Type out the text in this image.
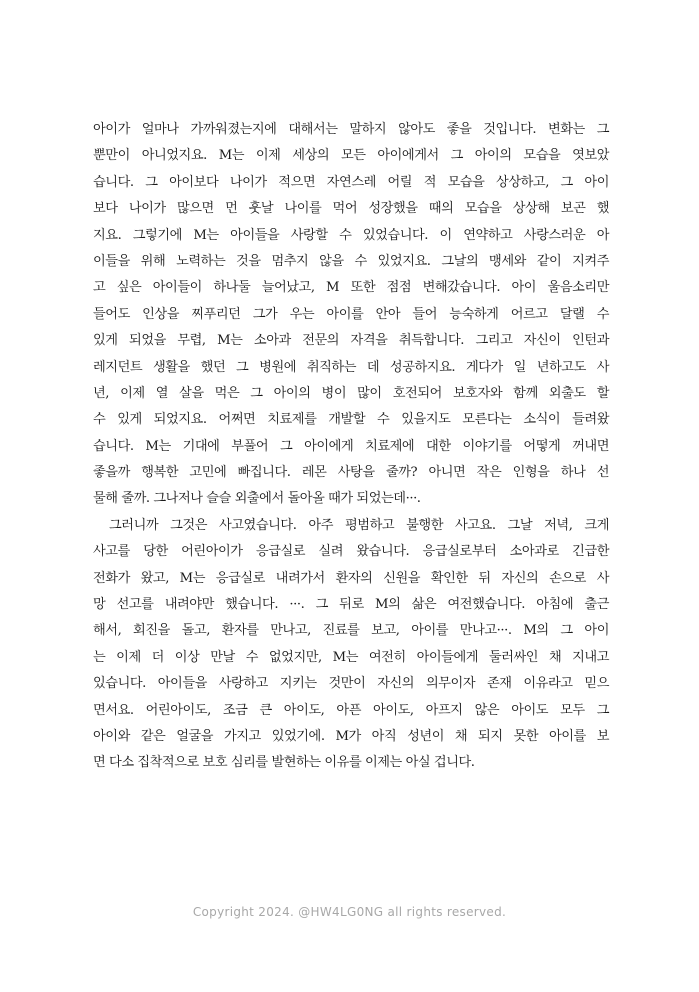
아이가 얼마나 가까워졌는지에 대해서는 말하지 않아도 좋을 것입니다. 변화는 그
뿐만이 아니었지요. M는 이제 세상의 모든 아이에게서 그 아이의 모습을 엿보았
습니다. 그 아이보다 나이가 적으면 자연스레 어릴 적 모습을 상상하고, 그 아이
보다 나이가 많으면 먼 훗날 나이를 먹어 성장했을 때의 모습을 상상해 보곤 했
지요. 그렇기에 M는 아이들을 사랑할 수 있었습니다. 이 연약하고 사랑스러운 아
이들을 위해 노력하는 것을 멈추지 않을 수 있었지요. 그날의 맹세와 같이 지켜주
고 싶은 아이들이 하나둘 늘어났고, M 또한 점점 변해갔습니다. 아이 울음소리만
들어도 인상을 찌푸리던 그가 우는 아이를 안아 들어 능숙하게 어르고 달랠 수
있게 되었을 무렵, M는 소아과 전문의 자격을 취득합니다. 그리고 자신이 인턴과
레지던트 생활을 했던 그 병원에 취직하는 데 성공하지요. 게다가 일 년하고도 사
년, 이제 열 살을 먹은 그 아이의 병이 많이 호전되어 보호자와 함께 외출도 할
수 있게 되었지요. 어쩌면 치료제를 개발할 수 있을지도 모른다는 소식이 들려왔
습니다. M는 기대에 부풀어 그 아이에게 치료제에 대한 이야기를 어떻게 꺼내면
좋을까 행복한 고민에 빠집니다. 레몬 사탕을 줄까? 아니면 작은 인형을 하나 선
물해 줄까. 그나저나 슬슬 외출에서 돌아올 때가 되었는데···.
그러니까 그것은 사고였습니다. 아주 평범하고 불행한 사고요. 그날 저녁, 크게
사고를 당한 어린아이가 응급실로 실려 왔습니다. 응급실로부터 소아과로 긴급한
전화가 왔고, M는 응급실로 내려가서 환자의 신원을 확인한 뒤 자신의 손으로 사
망 선고를 내려야만 했습니다. ···. 그 뒤로 M의 삶은 여전했습니다. 아침에 출근
해서, 회진을 돌고, 환자를 만나고, 진료를 보고, 아이를 만나고···. M의 그 아이
는 이제 더 이상 만날 수 없었지만, M는 여전히 아이들에게 둘러싸인 채 지내고
있습니다. 아이들을 사랑하고 지키는 것만이 자신의 의무이자 존재 이유라고 믿으
면서요. 어린아이도, 조금 큰 아이도, 아픈 아이도, 아프지 않은 아이도 모두 그
아이와 같은 얼굴을 가지고 있었기에. M가 아직 성년이 채 되지 못한 아이를 보
면 다소 집착적으로 보호 심리를 발현하는 이유를 이제는 아실 겁니다.
Copyright 2024. @HW4LG0NG all rights reserved.
